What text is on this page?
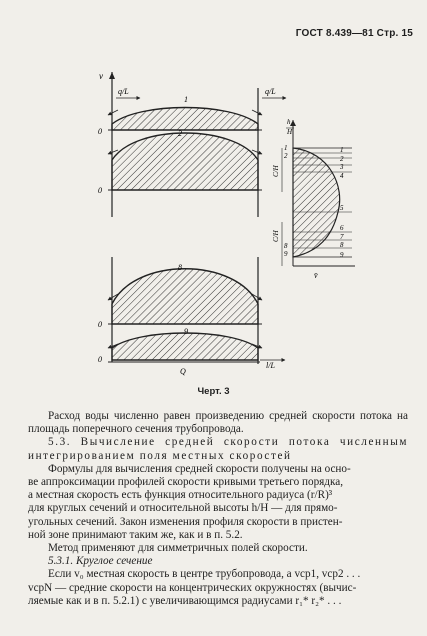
ГОСТ 8.439—81 Стр. 15
v
q/L	q/L
1
0	2
0
8
0
9
0
Q
l/L
h
H
1
2
3
4
5
6
7
8
9
1
2
8
9
C/H
C/H
v̄
Черт. 3

Расход воды численно равен произведению средней скорости потока на площадь поперечного сечения трубопровода.

5.3. Вычисление средней скорости потока численным интегрированием поля местных скоростей

Формулы для вычисления средней скорости получены на осно-
ве аппроксимации профилей скорости кривыми третьего порядка,
а местная скорость есть функция относительного радиуса (r/R)³
для круглых сечений и относительной высоты h/H — для прямо-
угольных сечений. Закон изменения профиля скорости в пристен-
ной зоне принимают таким же, как и в п. 5.2.

Метод применяют для симметричных полей скорости.

5.3.1. Круглое сечение

Если v₀ местная скорость в центре трубопровода, а vср1, vср2 . . .
vсрN — средние скорости на концентрических окружностях (вычис-
ляемые как и в п. 5.2.1) с увеличивающимся радиусами r₁* r₂* . . .
